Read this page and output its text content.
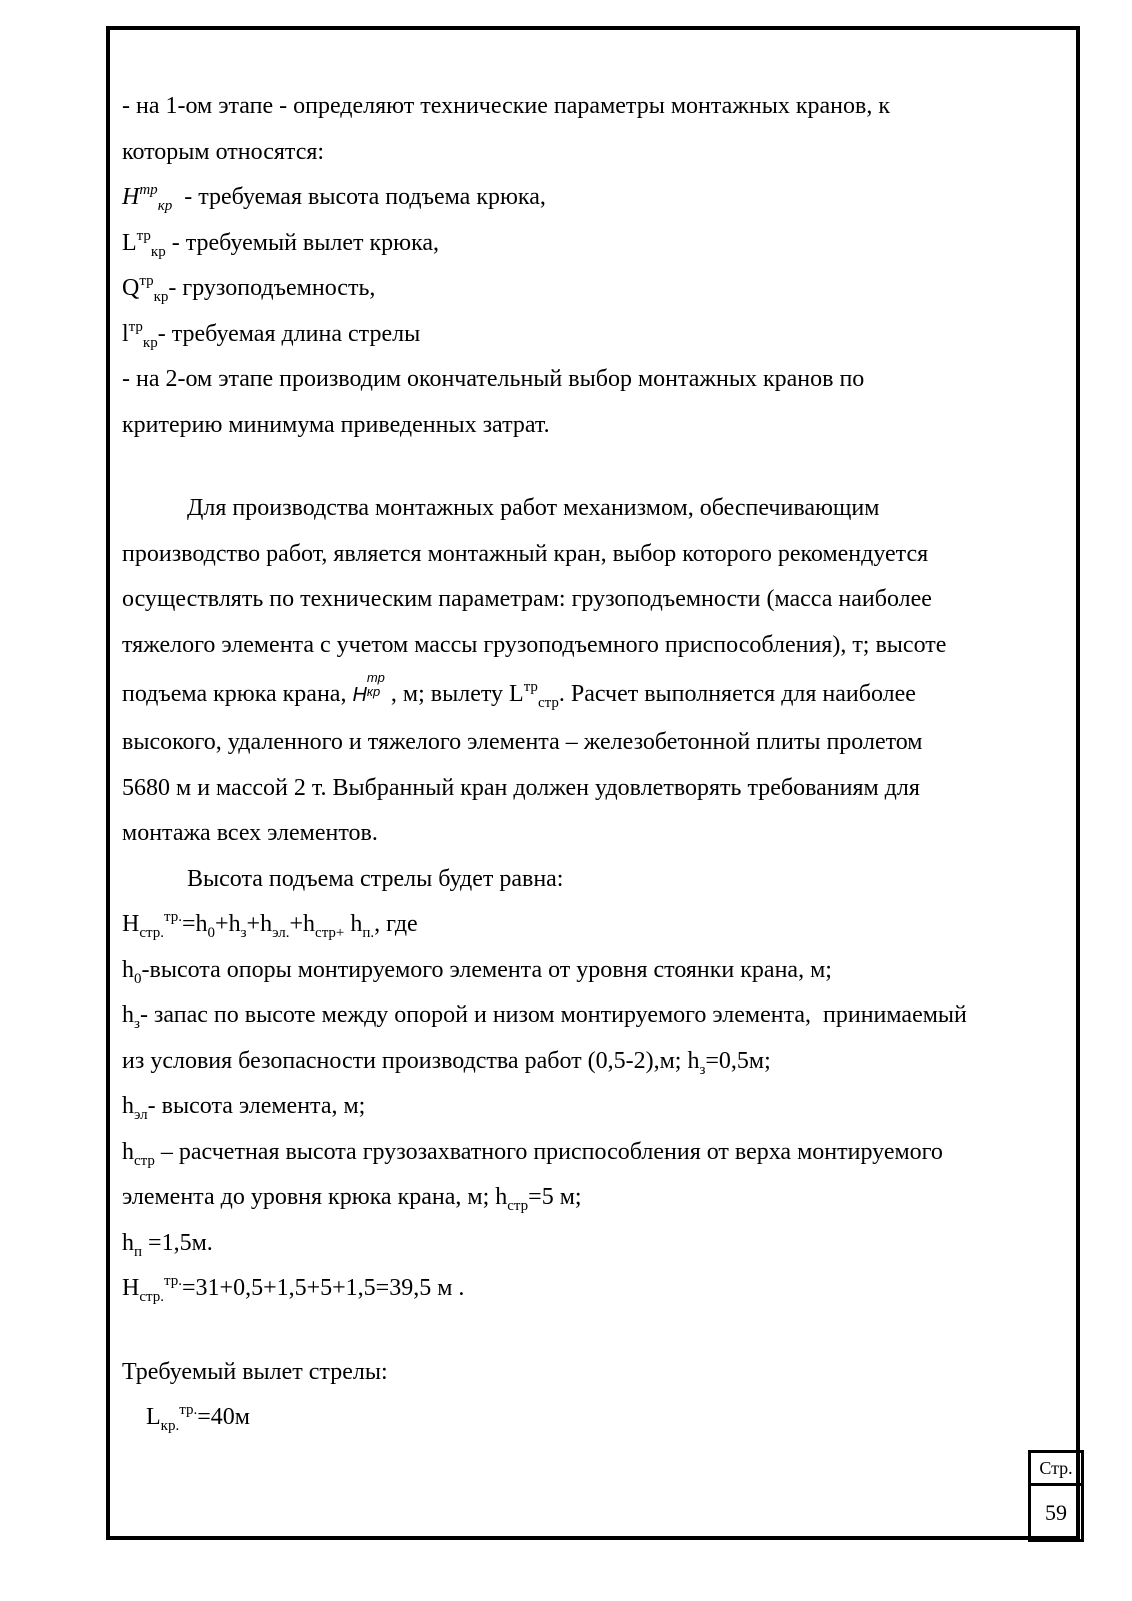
- на 1-ом этапе - определяют технические параметры монтажных кранов, к
которым относятся:
$H^{тр}_{кр}$  - требуемая высота подъема крюка,
$L^{тр}_{кр}$ - требуемый вылет крюка,
$Q^{тр}_{кр}-$ грузоподъемность,
$l^{тр}_{кр}-$ требуемая длина стрелы
- на 2-ом этапе производим окончательный выбор монтажных кранов по
критерию минимума приведенных затрат.
Для производства монтажных работ механизмом, обеспечивающим
производство работ, является монтажный кран, выбор которого рекомендуется
осуществлять по техническим параметрам: грузоподъемности (масса наиболее
тяжелого элемента с учетом массы грузоподъемного приспособления), т; высоте
подъема крюка крана, H
тр
кр , м; вылету $L^{тр}_{стр}$. Расчет выполняется для наиболее
высокого, удаленного и тяжелого элемента – железобетонной плиты пролетом
5680 м и массой 2 т. Выбранный кран должен удовлетворять требованиям для
монтажа всех элементов.
Высота подъема стрелы будет равна:
$H_{стр.}^{тр.}=h_0+h_з+h_{эл.}+h_{стр+}$ $h_{п.}$, где
$h_0$-высота опоры монтируемого элемента от уровня стоянки крана, м;
$h_з-$ запас по высоте между опорой и низом монтируемого элемента,  принимаемый
из условия безопасности производства работ (0,5-2),м; $h_з=0,5м$;
$h_{эл}-$ высота элемента, м;
$h_{стр}$ – расчетная высота грузозахватного приспособления от верха монтируемого
элемента до уровня крюка крана, м; $h_{стр}=5$ м;
$h_п =1,5м$.
$H_{стр.}^{тр.}=31+0,5+1,5+5+1,5=39,5$ м .
Требуемый вылет стрелы:
$L_{кр.}^{тр.}=40м$
Стр.
59
